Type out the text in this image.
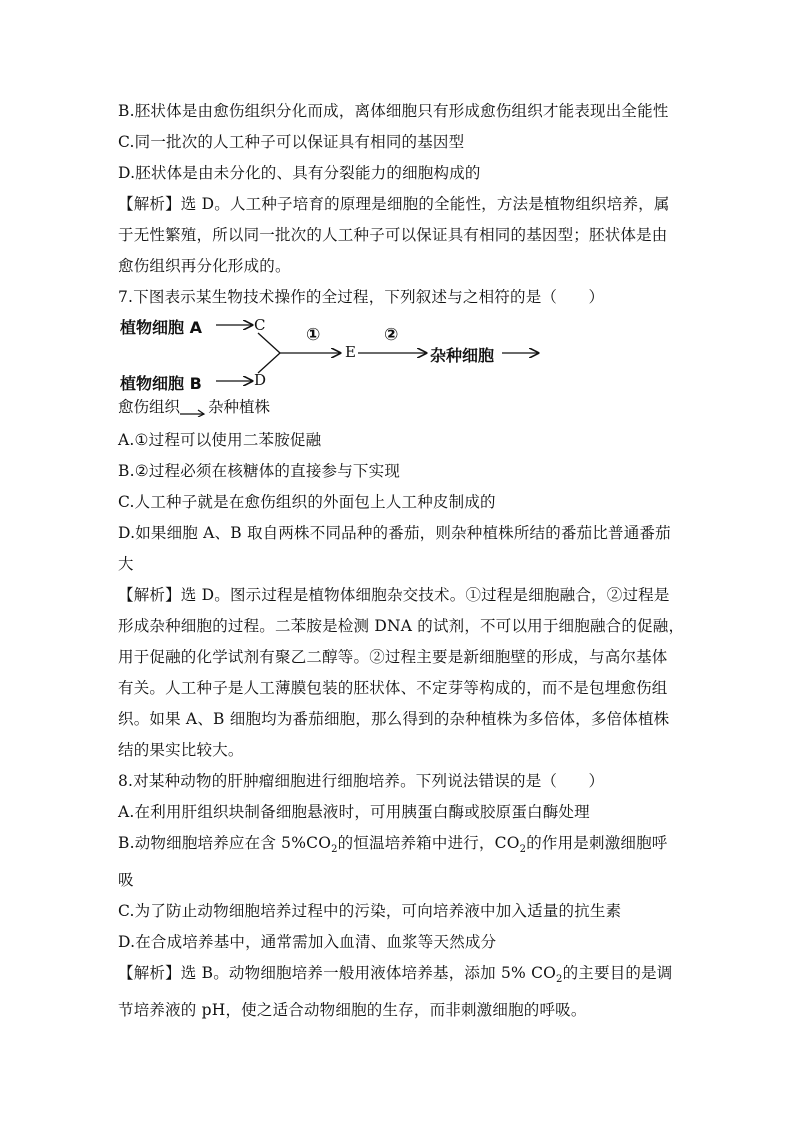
B.胚状体是由愈伤组织分化而成，离体细胞只有形成愈伤组织才能表现出全能性
C.同一批次的人工种子可以保证具有相同的基因型
D.胚状体是由未分化的、具有分裂能力的细胞构成的
【解析】选 D。人工种子培育的原理是细胞的全能性，方法是植物组织培养，属
于无性繁殖，所以同一批次的人工种子可以保证具有相同的基因型；胚状体是由
愈伤组织再分化形成的。
7.下图表示某生物技术操作的全过程，下列叙述与之相符的是（　　）
植物细胞 A	C
植物细胞 B	D
①
E
②
杂种细胞
愈伤组织 杂种植株
A.①过程可以使用二苯胺促融
B.②过程必须在核糖体的直接参与下实现
C.人工种子就是在愈伤组织的外面包上人工种皮制成的
D.如果细胞 A、B 取自两株不同品种的番茄，则杂种植株所结的番茄比普通番茄
大
【解析】选 D。图示过程是植物体细胞杂交技术。①过程是细胞融合，②过程是
形成杂种细胞的过程。二苯胺是检测 DNA 的试剂，不可以用于细胞融合的促融，
用于促融的化学试剂有聚乙二醇等。②过程主要是新细胞壁的形成，与高尔基体
有关。人工种子是人工薄膜包装的胚状体、不定芽等构成的，而不是包埋愈伤组
织。如果 A、B 细胞均为番茄细胞，那么得到的杂种植株为多倍体，多倍体植株
结的果实比较大。
8.对某种动物的肝肿瘤细胞进行细胞培养。下列说法错误的是（　　）
A.在利用肝组织块制备细胞悬液时，可用胰蛋白酶或胶原蛋白酶处理
B.动物细胞培养应在含 $5\%CO_2$的恒温培养箱中进行，$CO_2$的作用是刺激细胞呼
吸
C.为了防止动物细胞培养过程中的污染，可向培养液中加入适量的抗生素
D.在合成培养基中，通常需加入血清、血浆等天然成分
【解析】选 B。动物细胞培养一般用液体培养基，添加 5% $CO_2$的主要目的是调
节培养液的 pH，使之适合动物细胞的生存，而非刺激细胞的呼吸。
